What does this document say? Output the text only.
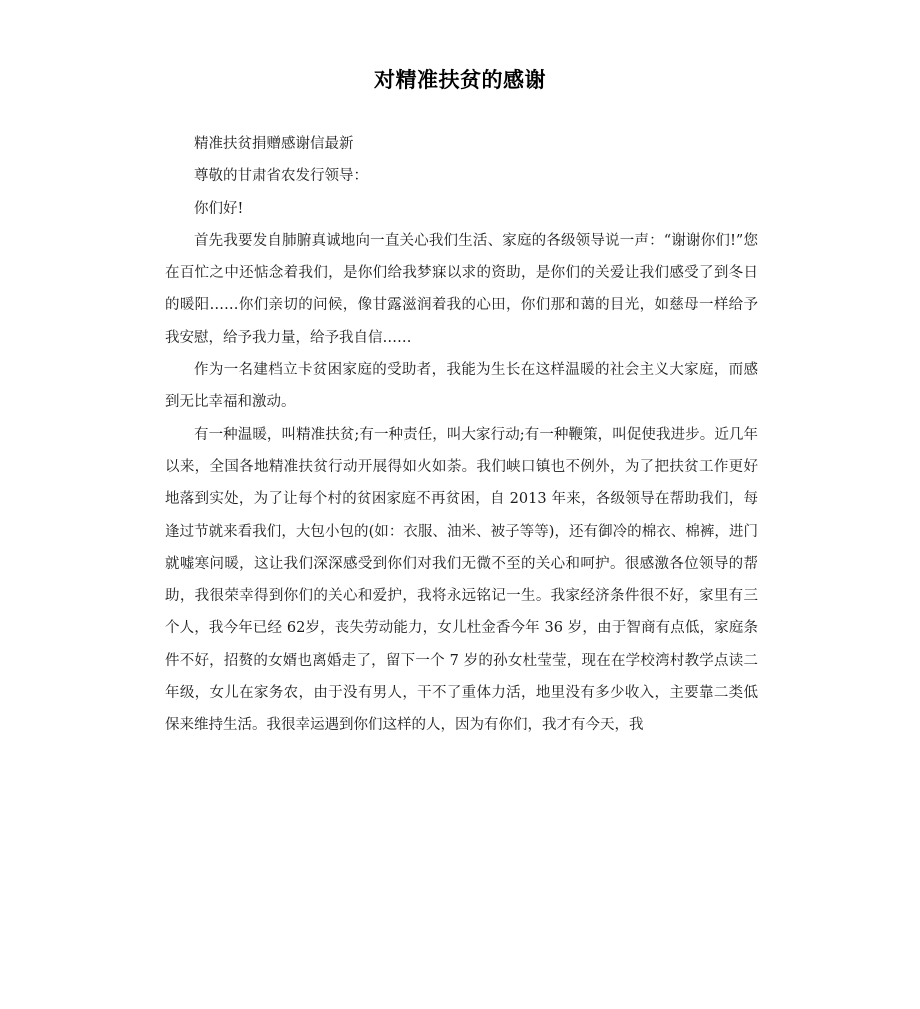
对精准扶贫的感谢

精准扶贫捐赠感谢信最新

尊敬的甘肃省农发行领导：

你们好!

首先我要发自肺腑真诚地向一直关心我们生活、家庭的各级领导说一声：“谢谢你们!”您在百忙之中还惦念着我们，是你们给我梦寐以求的资助，是你们的关爱让我们感受了到冬日的暖阳……你们亲切的问候，像甘露滋润着我的心田，你们那和蔼的目光，如慈母一样给予我安慰，给予我力量，给予我自信……

作为一名建档立卡贫困家庭的受助者，我能为生长在这样温暖的社会主义大家庭，而感到无比幸福和激动。

有一种温暖，叫精准扶贫;有一种责任，叫大家行动;有一种鞭策，叫促使我进步。近几年以来，全国各地精准扶贫行动开展得如火如荼。我们峡口镇也不例外，为了把扶贫工作更好地落到实处，为了让每个村的贫困家庭不再贫困，自 2013 年来，各级领导在帮助我们，每逢过节就来看我们，大包小包的(如：衣服、油米、被子等等)，还有御冷的棉衣、棉裤，进门就嘘寒问暖，这让我们深深感受到你们对我们无微不至的关心和呵护。很感激各位领导的帮助，我很荣幸得到你们的关心和爱护，我将永远铭记一生。我家经济条件很不好，家里有三个人，我今年已经 62岁，丧失劳动能力，女儿杜金香今年 36 岁，由于智商有点低，家庭条件不好，招赘的女婿也离婚走了，留下一个 7 岁的孙女杜莹莹，现在在学校湾村教学点读二年级，女儿在家务农，由于没有男人，干不了重体力活，地里没有多少收入，主要靠二类低保来维持生活。我很幸运遇到你们这样的人，因为有你们，我才有今天，我
